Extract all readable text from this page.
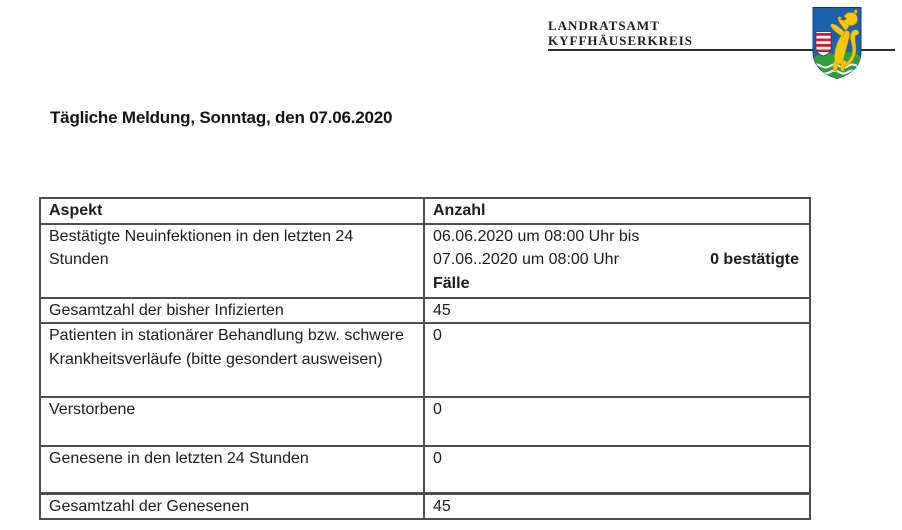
LANDRATSAMT
KYFFHÄUSERKREIS
Tägliche Meldung, Sonntag, den 07.06.2020
Aspekt	Anzahl
Bestätigte Neuinfektionen in den letzten 24 Stunden	06.06.2020 um 08:00 Uhr bis
07.06..2020 um 08:00 Uhr 0 bestätigte
Fälle

Gesamtzahl der bisher Infizierten	45
Patienten in stationärer Behandlung bzw. schwere Krankheitsverläufe (bitte gesondert ausweisen)	0
Verstorbene	0
Genesene in den letzten 24 Stunden	0
Gesamtzahl der Genesenen	45
